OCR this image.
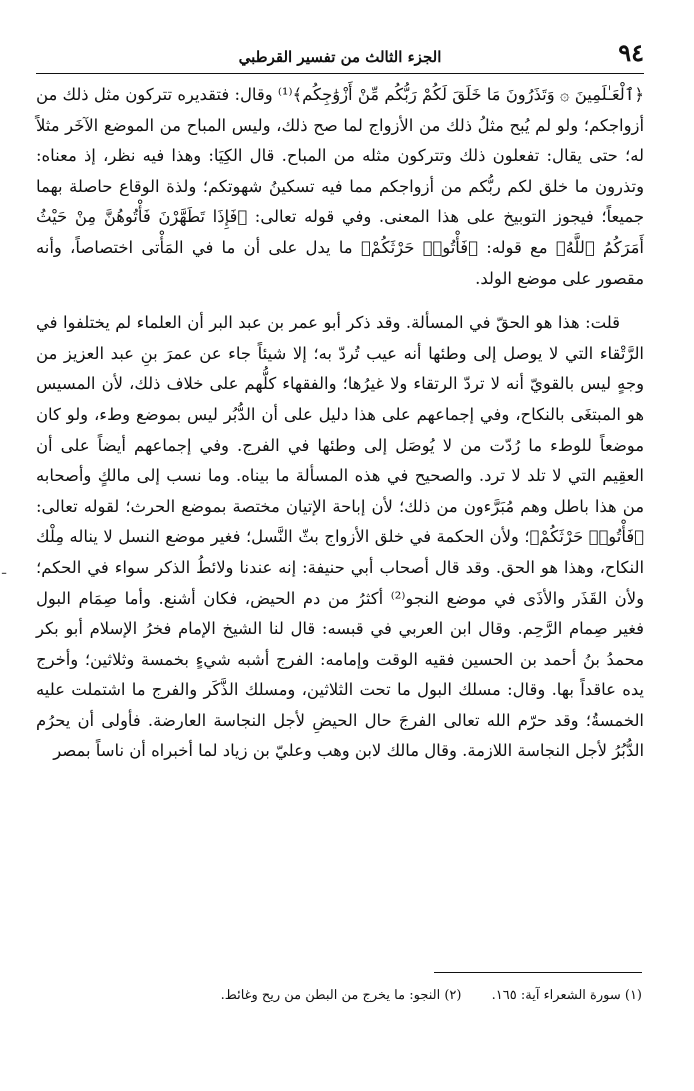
٩٤
الجزء الثالث من تفسير القرطبي

﴿ٱلْعَـٰلَمِينَ ۞ وَتَذَرُونَ مَا خَلَقَ لَكُمْ رَبُّكُم مِّنْ أَزْوَٰجِكُم﴾⁽¹⁾ وقال: فتقديره تتركون مثل ذلك من أزواجكم؛ ولو لم يُبح مثلُ ذلك من الأزواج لما صح ذلك، وليس المباح من الموضع الآخَر مثلاً له؛ حتى يقال: تفعلون ذلك وتتركون مثله من المباح. قال الكِيَا: وهذا فيه نظر، إذ معناه: وتذرون ما خلق لكم ربُّكم من أزواجكم مما فيه تسكينُ شهوتكم؛ ولذة الوقاع حاصلة بهما جميعاً؛ فيجوز التوبيخ على هذا المعنى. وفي قوله تعالى: ﴿فَإِذَا تَطَهَّرْنَ فَأْتُوهُنَّ مِنْ حَيْثُ أَمَرَكُمُ ٱللَّهُ﴾ مع قوله: ﴿فَأْتُوا۟ حَرْثَكُمْ﴾ ما يدل على أن ما في المَأْتى اختصاصاً، وأنه مقصور على موضع الولد.

قلت: هذا هو الحقّ في المسألة. وقد ذكر أبو عمر بن عبد البر أن العلماء لم يختلفوا في الرَّتْقاء التي لا يوصل إلى وطئها أنه عيب تُردّ به؛ إلا شيئاً جاء عن عمرَ بنِ عبد العزيز من وجهٍ ليس بالقويّ أنه لا تردّ الرتقاء ولا غيرُها؛ والفقهاء كلُّهم على خلاف ذلك، لأن المسيس هو المبتغَى بالنكاح، وفي إجماعهم على هذا دليل على أن الدُّبُر ليس بموضع وطء، ولو كان موضعاً للوطء ما رُدّت من لا يُوصَل إلى وطئها في الفرج. وفي إجماعهم أيضاً على أن العقِيم التي لا تلد لا ترد. والصحيح في هذه المسألة ما بيناه. وما نسب إلى مالكٍ وأصحابه من هذا باطل وهم مُبَرَّءون من ذلك؛ لأن إباحة الإتيان مختصة بموضع الحرث؛ لقوله تعالى: ﴿فَأْتُوا۟ حَرْثَكُمْ﴾؛ ولأن الحكمة في خلق الأزواج بثّ النَّسل؛ فغير موضع النسل لا يناله مِلْك النكاح، وهذا هو الحق. وقد قال أصحاب أبي حنيفة: إنه عندنا ولائطُ الذكر سواء في الحكم؛ ولأن القَذَر والأذَى في موضع النجو⁽²⁾ أكثرُ من دم الحيض، فكان أشنع. وأما صِمَام البول فغير صِمام الرَّحِم. وقال ابن العربي في قبسه: قال لنا الشيخ الإمام فخرُ الإسلام أبو بكر محمدُ بنُ أحمد بن الحسين فقيه الوقت وإمامه: الفرج أشبه شيءٍ بخمسة وثلاثين؛ وأخرج يده عاقداً بها. وقال: مسلك البول ما تحت الثلاثين، ومسلك الذَّكَر والفرج ما اشتملت عليه الخمسةُ؛ وقد حرّم الله تعالى الفرجَ حال الحيضِ لأجل النجاسة العارضة. فأولى أن يحرُم الدُّبُرُ لأجل النجاسة اللازمة. وقال مالك لابن وهب وعليّ بن زياد لما أخبراه أن ناساً بمصر

ـ
(١) سورة الشعراء آية: ١٦٥. (٢) النجو: ما يخرج من البطن من ريح وغائط.
